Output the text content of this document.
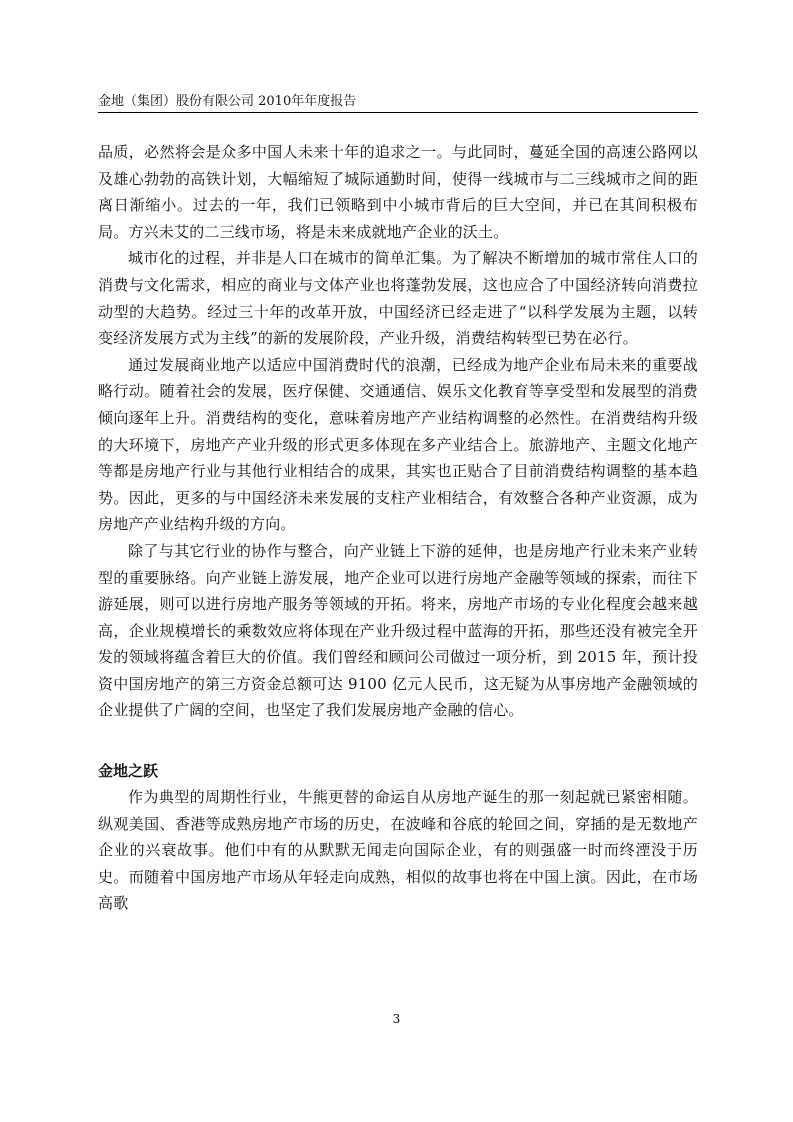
金地（集团）股份有限公司 2010年年度报告

品质，必然将会是众多中国人未来十年的追求之一。与此同时，蔓延全国的高速公路网以及雄心勃勃的高铁计划，大幅缩短了城际通勤时间，使得一线城市与二三线城市之间的距离日渐缩小。过去的一年，我们已领略到中小城市背后的巨大空间，并已在其间积极布局。方兴未艾的二三线市场，将是未来成就地产企业的沃土。

城市化的过程，并非是人口在城市的简单汇集。为了解决不断增加的城市常住人口的消费与文化需求，相应的商业与文体产业也将蓬勃发展，这也应合了中国经济转向消费拉动型的大趋势。经过三十年的改革开放，中国经济已经走进了“以科学发展为主题，以转变经济发展方式为主线”的新的发展阶段，产业升级，消费结构转型已势在必行。

通过发展商业地产以适应中国消费时代的浪潮，已经成为地产企业布局未来的重要战略行动。随着社会的发展，医疗保健、交通通信、娱乐文化教育等享受型和发展型的消费倾向逐年上升。消费结构的变化，意味着房地产产业结构调整的必然性。在消费结构升级的大环境下，房地产产业升级的形式更多体现在多产业结合上。旅游地产、主题文化地产等都是房地产行业与其他行业相结合的成果，其实也正贴合了目前消费结构调整的基本趋势。因此，更多的与中国经济未来发展的支柱产业相结合，有效整合各种产业资源，成为房地产产业结构升级的方向。

除了与其它行业的协作与整合，向产业链上下游的延伸，也是房地产行业未来产业转型的重要脉络。向产业链上游发展，地产企业可以进行房地产金融等领域的探索，而往下游延展，则可以进行房地产服务等领域的开拓。将来，房地产市场的专业化程度会越来越高，企业规模增长的乘数效应将体现在产业升级过程中蓝海的开拓，那些还没有被完全开发的领域将蕴含着巨大的价值。我们曾经和顾问公司做过一项分析，到 2015 年，预计投资中国房地产的第三方资金总额可达 9100 亿元人民币，这无疑为从事房地产金融领域的企业提供了广阔的空间，也坚定了我们发展房地产金融的信心。

金地之跃

作为典型的周期性行业，牛熊更替的命运自从房地产诞生的那一刻起就已紧密相随。纵观美国、香港等成熟房地产市场的历史，在波峰和谷底的轮回之间，穿插的是无数地产企业的兴衰故事。他们中有的从默默无闻走向国际企业，有的则强盛一时而终湮没于历史。而随着中国房地产市场从年轻走向成熟，相似的故事也将在中国上演。因此，在市场高歌

3
